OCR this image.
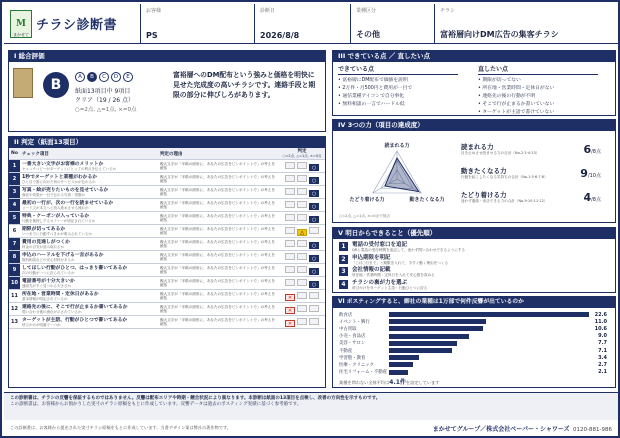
M
まかせて
チラシ診断書
お客様
PS
診断日
2026/8/8
業種区分
その他
チラシ
富裕層向けDM広告の集客チラシ
I 総合評価
B	A	B	C	D	E
紙面13項目中 9項目
クリア（19 / 26 点）
○=2点, △=1点, ×=0点
富裕層へのDM配布という強みと価格を明快に見せた完成度の高いチラシです。連絡手段と期限の部分に伸びしろがあります。
II 判定（紙面13項目）
No	チェック項目	判定の理由	判定
○=2点, △=1点, ×=0点
1	一番大きい文字がお客様のメリットか
キャッチコピーがターゲットにとっての利点を伝えているか	親大文字が「半紙の面形に、あなたの広告をピンポイントで」の考えを統括	○
2	1秒でターゲットと業種がわかるか
ひと目で誰に向けた何のサービスかが伝わるか	親大文字が「半紙の面形に、あなたの広告をピンポイントで」の考えを統括	○
3	写真・絵が売りたいものを見せているか
商品や効果が一目で伝わる写真・図版か	親大文字が「半紙の面形に、あなたの広告をピンポイントで」の考えを統括	○
4	最初の一行が、次の一行を読ませているか
リード文が本文へと読み進めさせる流れか	親大文字が「半紙の面形に、あなたの広告をピンポイントで」の考えを統括	○
5	特典・クーポンが入っているか
行動を後押しするオファーが明記されているか	親大文字が「半紙の面形に、あなたの広告をピンポイントで」の考えを統括	○
6	期限が切ってあるか
いつまでに行動すべきかが明示されているか	親大文字が「半紙の面形に、あなたの広告をピンポイントで」の考えを統括	△
7	費用の見通しがつくか
料金の目安が読み取れるか	親大文字が「半紙の面形に、あなたの広告をピンポイントで」の考えを統括	○
8	申込のハードルを下げる一言があるか
無料相談などの安心材料があるか	親大文字が「半紙の面形に、あなたの広告をピンポイントで」の考えを統括	○
9	してほしい行動がひとつ、はっきり書いてあるか
次の行動が一つに絞られているか	親大文字が「半紙の面形に、あなたの広告をピンポイントで」の考えを統括	○
10	電話番号が十分大きいか
連絡先がすぐ見つかる大きさか	親大文字が「半紙の面形に、あなたの広告をピンポイントで」の考えを統括	○
11	所在地・営業時間・定休日があるか
基本情報が明記されているか	親大文字が「半紙の面形に、あなたの広告をピンポイントで」の考えを統括	✕
12	連絡先の後に、そこで行が止まるか書いてあるか
問い合わせ後の流れが示されているか	親大文字が「半紙の面形に、あなたの広告をピンポイントで」の考えを統括	✕
13	ターゲットが主語、行動がひとつで書いてあるか
呼びかけが明確で一つか	親大文字が「半紙の面形に、あなたの広告をピンポイントで」の考えを統括	✕
III できている点 ／ 直したい点
できている点
• 富裕層にDM配布で価値を説明
• 2万件・月500円と費用が一目で
• 通信業種アイコンで自分事化
• 無料相談の一言でハードル低
直したい点
• 期限が切ってない
• 所在地・営業時間・定休日がない
• 連絡先の後の行動が不明
• そこで行が止まるか書いていない
• ターゲットが主語で書けていない
IV 3つの力（項目の達成度）
読まれる力
たどり着ける力	動きたくなる力
○=2点, △=1点, ×=0点で採点
読まれる力
目を止めさせ読ませる力の合計（No.2·3·4·13）	6/8点
動きたくなる力
行動を起こしたくなる気持ちの合計（No.1·5·6·7·8）	9/10点
たどり着ける力
迷わず連絡・来店できる力の合計（No.9·10·11·12）	4/8点
V 明日からできること（優先順）
1	電話の受付窓口を追記
QRと電話の受付時間を追記して、迷わず問い合わせできるようにする
2	申込期限を明記
「○月○日まで」と期限を入れて、今すぐ動く理由をつくる
3	会社情報の記載
所在地・営業時間・定休日を入れて安心感を高める
4	チラシの裏が力を選ぶ
呼びかけをターゲット主語・行動ひとつに絞る
VI ポスティングすると、御社の業種は1万部で何件反響が出ているのか
飲食店	22.6
イベント・興行	11.0
中古買取	10.6
小売・食品店	9.0
美容・サロン	7.7
不動産	7.1
学習塾・教育	3.4
医療・クリニック	2.7
住宅リフォーム・不動産	2.1
業種を問わない全体平均は4.1件を設定しています
この診断書は、チラシの反響を保証するものではありません。反響は配布エリアや時期・競合状況により異なります。本診断は紙面の13項目を点検し、改善の方向性を示すものです。
この診断書は、お客様からお預かりした実寸のチラシ原稿をもとに作成しています。反響データは過去のポスティング実績に基づく参考値です。
この診断書は、お客様から提出された実寸チラシ原稿をもとに作成しています。当書デザイン案は弊社の著作物です。	まかせてグループ／株式会社ペーパー・シャワーズ 0120-881-986
